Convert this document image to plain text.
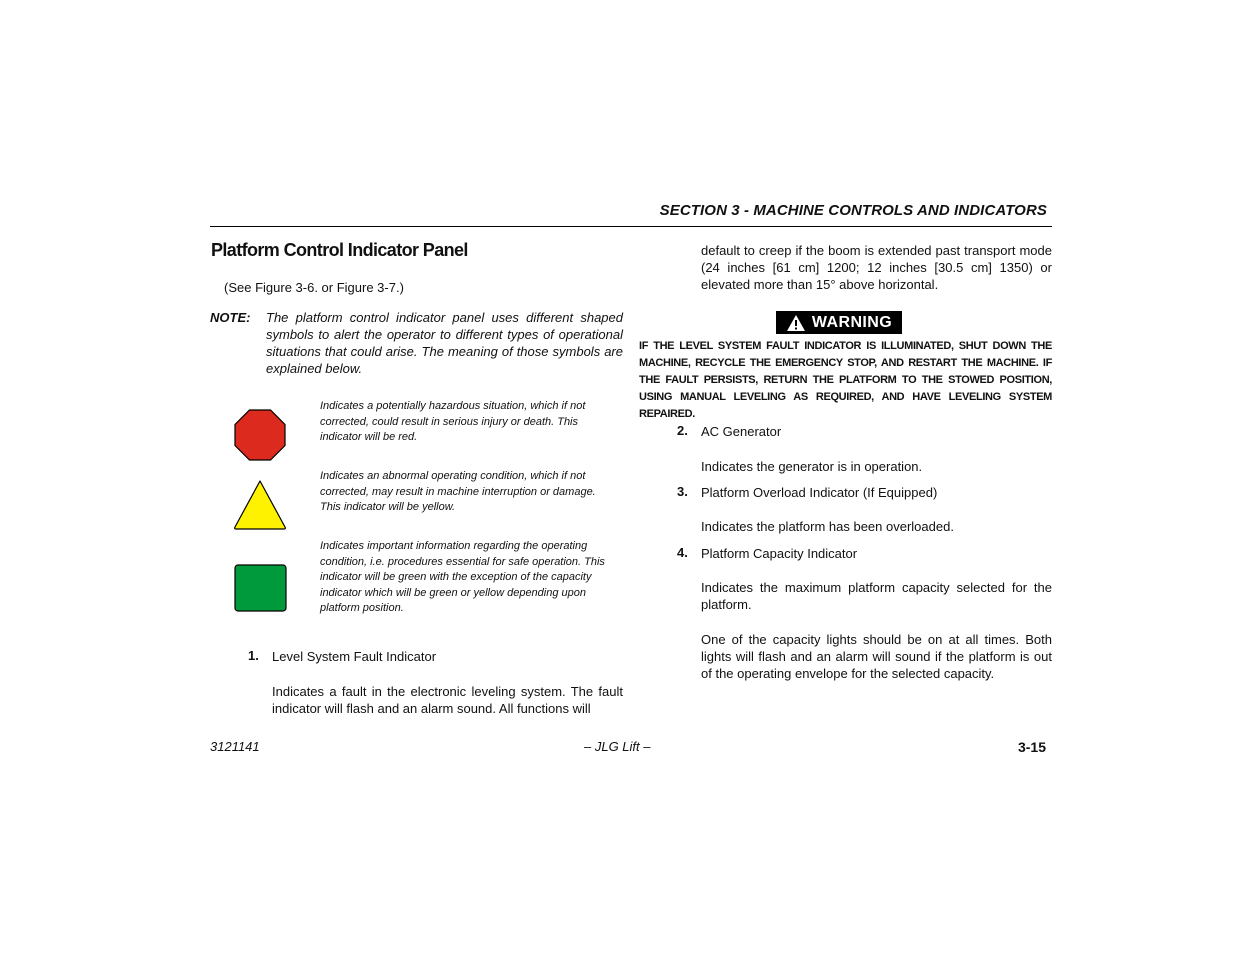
SECTION 3 - MACHINE CONTROLS AND INDICATORS
Platform Control Indicator Panel
(See Figure 3-6. or Figure 3-7.)
NOTE: The platform control indicator panel uses different shaped symbols to alert the operator to different types of operational situations that could arise. The meaning of those symbols are explained below.
Indicates a potentially hazardous situation, which if not corrected, could result in serious injury or death. This indicator will be red.
Indicates an abnormal operating condition, which if not corrected, may result in machine interruption or damage. This indicator will be yellow.
Indicates important information regarding the operating condition, i.e. procedures essential for safe operation. This indicator will be green with the exception of the capacity indicator which will be green or yellow depending upon platform position.
1. Level System Fault Indicator
Indicates a fault in the electronic leveling system. The fault indicator will flash and an alarm sound. All functions will
default to creep if the boom is extended past transport mode (24 inches [61 cm] 1200; 12 inches [30.5 cm] 1350) or elevated more than 15° above horizontal.
WARNING
IF THE LEVEL SYSTEM FAULT INDICATOR IS ILLUMINATED, SHUT DOWN THE MACHINE, RECYCLE THE EMERGENCY STOP, AND RESTART THE MACHINE. IF THE FAULT PERSISTS, RETURN THE PLATFORM TO THE STOWED POSITION, USING MANUAL LEVELING AS REQUIRED, AND HAVE LEVELING SYSTEM REPAIRED.
2. AC Generator
Indicates the generator is in operation.
3. Platform Overload Indicator (If Equipped)
Indicates the platform has been overloaded.
4. Platform Capacity Indicator
Indicates the maximum platform capacity selected for the platform.
One of the capacity lights should be on at all times. Both lights will flash and an alarm will sound if the platform is out of the operating envelope for the selected capacity.
3121141	– JLG Lift –	3-15
